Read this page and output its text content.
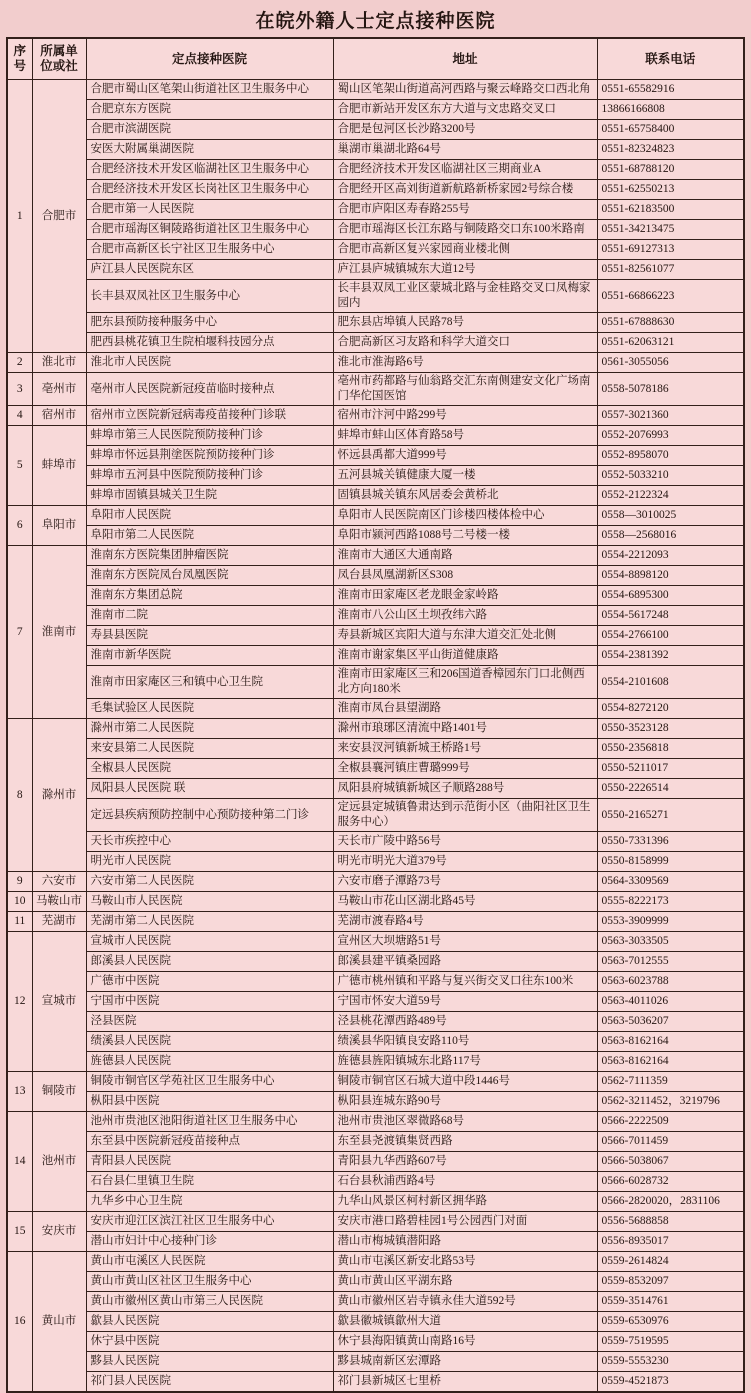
在皖外籍人士定点接种医院
序号	所属单位或社	定点接种医院	地址	联系电话
1	合肥市	合肥市蜀山区笔架山街道社区卫生服务中心	蜀山区笔架山街道高河西路与聚云峰路交口西北角	0551-65582916
		合肥京东方医院	合肥市新站开发区东方大道与文忠路交叉口	13866166808
		合肥市滨湖医院	合肥是包河区长沙路3200号	0551-65758400
		安医大附属巢湖医院	巢湖市巢湖北路64号	0551-82324823
		合肥经济技术开发区临湖社区卫生服务中心	合肥经济技术开发区临湖社区三期商业A	0551-68788120
		合肥经济技术开发区长岗社区卫生服务中心	合肥经开区高刘街道新航路新桥家园2号综合楼	0551-62550213
		合肥市第一人民医院	合肥市庐阳区寿春路255号	0551-62183500
		合肥市瑶海区铜陵路街道社区卫生服务中心	合肥市瑶海区长江东路与铜陵路交口东100米路南	0551-34213475
		合肥市高新区长宁社区卫生服务中心	合肥市高新区复兴家园商业楼北侧	0551-69127313
		庐江县人民医院东区	庐江县庐城镇城东大道12号	0551-82561077
		长丰县双凤社区卫生服务中心	长丰县双凤工业区蒙城北路与金桂路交叉口凤梅家园内	0551-66866223
		肥东县预防接种服务中心	肥东县店埠镇人民路78号	0551-67888630
		肥西县桃花镇卫生院柏堰科技园分点	合肥高新区习友路和科学大道交口	0551-62063121
2	淮北市	淮北市人民医院	淮北市淮海路6号	0561-3055056
3	亳州市	亳州市人民医院新冠疫苗临时接种点	亳州市药都路与仙翁路交汇东南侧建安文化广场南门华佗国医馆	0558-5078186
4	宿州市	宿州市立医院新冠病毒疫苗接种门诊联	宿州市汴河中路299号	0557-3021360
5	蚌埠市	蚌埠市第三人民医院预防接种门诊	蚌埠市蚌山区体育路58号	0552-2076993
		蚌埠市怀远县荆塗医院预防接种门诊	怀远县禹都大道999号	0552-8958070
		蚌埠市五河县中医院预防接种门诊	五河县城关镇健康大厦一楼	0552-5033210
		蚌埠市固镇县城关卫生院	固镇县城关镇东风居委会黄桥北	0552-2122324
6	阜阳市	阜阳市人民医院	阜阳市人民医院南区门诊楼四楼体检中心	0558—3010025
		阜阳市第二人民医院	阜阳市颍河西路1088号二号楼一楼	0558—2568016
7	淮南市	淮南东方医院集团肿瘤医院	淮南市大通区大通南路	0554-2212093
		淮南东方医院凤台凤凰医院	凤台县凤凰湖新区S308	0554-8898120
		淮南东方集团总院	淮南市田家庵区老龙眼金家岭路	0554-6895300
		淮南市二院	淮南市八公山区土坝孜纬六路	0554-5617248
		寿县县医院	寿县新城区宾阳大道与东津大道交汇处北侧	0554-2766100
		淮南市新华医院	淮南市谢家集区平山街道健康路	0554-2381392
		淮南市田家庵区三和镇中心卫生院	淮南市田家庵区三和206国道香樟园东门口北侧西北方向180米	0554-2101608
		毛集试验区人民医院	淮南市凤台县望湖路	0554-8272120
8	滁州市	滁州市第二人民医院	滁州市琅琊区清流中路1401号	0550-3523128
		来安县第二人民医院	来安县汊河镇新城王桥路1号	0550-2356818
		全椒县人民医院	全椒县襄河镇庄曹璐999号	0550-5211017
		凤阳县人民医院 联	凤阳县府城镇新城区子顺路288号	0550-2226514
		定远县疾病预防控制中心预防接种第二门诊	定远县定城镇鲁肃达到示范街小区（曲阳社区卫生服务中心）	0550-2165271
		天长市疾控中心	天长市广陵中路56号	0550-7331396
		明光市人民医院	明光市明光大道379号	0550-8158999
9	六安市	六安市第二人民医院	六安市磨子潭路73号	0564-3309569
10	马鞍山市	马鞍山市人民医院	马鞍山市花山区湖北路45号	0555-8222173
11	芜湖市	芜湖市第二人民医院	芜湖市渡春路4号	0553-3909999
12	宣城市	宣城市人民医院	宣州区大坝塘路51号	0563-3033505
		郎溪县人民医院	郎溪县建平镇桑园路	0563-7012555
		广德市中医院	广德市桃州镇和平路与复兴街交叉口往东100米	0563-6023788
		宁国市中医院	宁国市怀安大道59号	0563-4011026
		泾县医院	泾县桃花潭西路489号	0563-5036207
		绩溪县人民医院	绩溪县华阳镇良安路110号	0563-8162164
		旌德县人民医院	旌德县旌阳镇城东北路117号	0563-8162164
13	铜陵市	铜陵市铜官区学苑社区卫生服务中心	铜陵市铜官区石城大道中段1446号	0562-7111359
		枞阳县中医院	枞阳县连城东路90号	0562-3211452，3219796
14	池州市	池州市贵池区池阳街道社区卫生服务中心	池州市贵池区翠微路68号	0566-2222509
		东至县中医院新冠疫苗接种点	东至县尧渡镇集贤西路	0566-7011459
		青阳县人民医院	青阳县九华西路607号	0566-5038067
		石台县仁里镇卫生院	石台县秋浦西路4号	0566-6028732
		九华乡中心卫生院	九华山风景区柯村新区拥华路	0566-2820020，2831106
15	安庆市	安庆市迎江区滨江社区卫生服务中心	安庆市港口路碧桂园1号公园西门对面	0556-5688858
		潜山市妇计中心接种门诊	潜山市梅城镇潜阳路	0556-8935017
16	黄山市	黄山市屯溪区人民医院	黄山市屯溪区新安北路53号	0559-2614824
		黄山市黄山区社区卫生服务中心	黄山市黄山区平湖东路	0559-8532097
		黄山市徽州区黄山市第三人民医院	黄山市徽州区岩寺镇永佳大道592号	0559-3514761
		歙县人民医院	歙县徽城镇歙州大道	0559-6530976
		休宁县中医院	休宁县海阳镇黄山南路16号	0559-7519595
		黟县人民医院	黟县城南新区宏潭路	0559-5553230
		祁门县人民医院	祁门县新城区七里桥	0559-4521873
